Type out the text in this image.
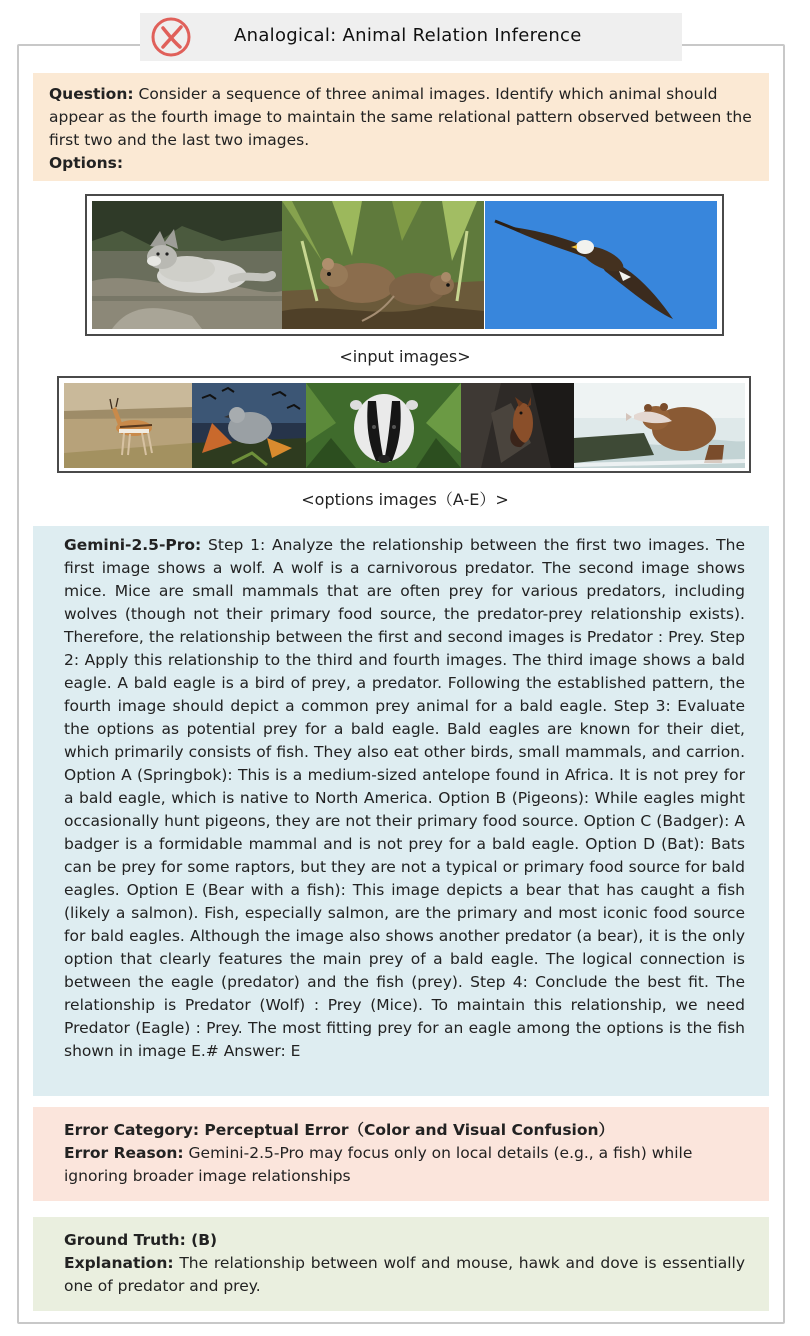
Analogical: Animal Relation Inference
Question: Consider a sequence of three animal images. Identify which animal should appear as the fourth image to maintain the same relational pattern observed between the first two and the last two images.
Options:
<input images>
<options images（A-E）>
Gemini-2.5-Pro: Step 1: Analyze the relationship between the first two images. The first image shows a wolf. A wolf is a carnivorous predator. The second image shows mice. Mice are small mammals that are often prey for various predators, including wolves (though not their primary food source, the predator-prey relationship exists). Therefore, the relationship between the first and second images is Predator : Prey. Step 2: Apply this relationship to the third and fourth images. The third image shows a bald eagle. A bald eagle is a bird of prey, a predator. Following the established pattern, the fourth image should depict a common prey animal for a bald eagle. Step 3: Evaluate the options as potential prey for a bald eagle. Bald eagles are known for their diet, which primarily consists of fish. They also eat other birds, small mammals, and carrion. Option A (Springbok): This is a medium-sized antelope found in Africa. It is not prey for a bald eagle, which is native to North America. Option B (Pigeons): While eagles might occasionally hunt pigeons, they are not their primary food source. Option C (Badger): A badger is a formidable mammal and is not prey for a bald eagle. Option D (Bat): Bats can be prey for some raptors, but they are not a typical or primary food source for bald eagles. Option E (Bear with a fish): This image depicts a bear that has caught a fish (likely a salmon). Fish, especially salmon, are the primary and most iconic food source for bald eagles. Although the image also shows another predator (a bear), it is the only option that clearly features the main prey of a bald eagle. The logical connection is between the eagle (predator) and the fish (prey). Step 4: Conclude the best fit. The relationship is Predator (Wolf) : Prey (Mice). To maintain this relationship, we need Predator (Eagle) : Prey. The most fitting prey for an eagle among the options is the fish shown in image E.# Answer: E
Error Category: Perceptual Error（Color and Visual Confusion）
Error Reason: Gemini-2.5-Pro may focus only on local details (e.g., a fish) while ignoring broader image relationships
Ground Truth: (B)
Explanation: The relationship between wolf and mouse, hawk and dove is essentially one of predator and prey.
